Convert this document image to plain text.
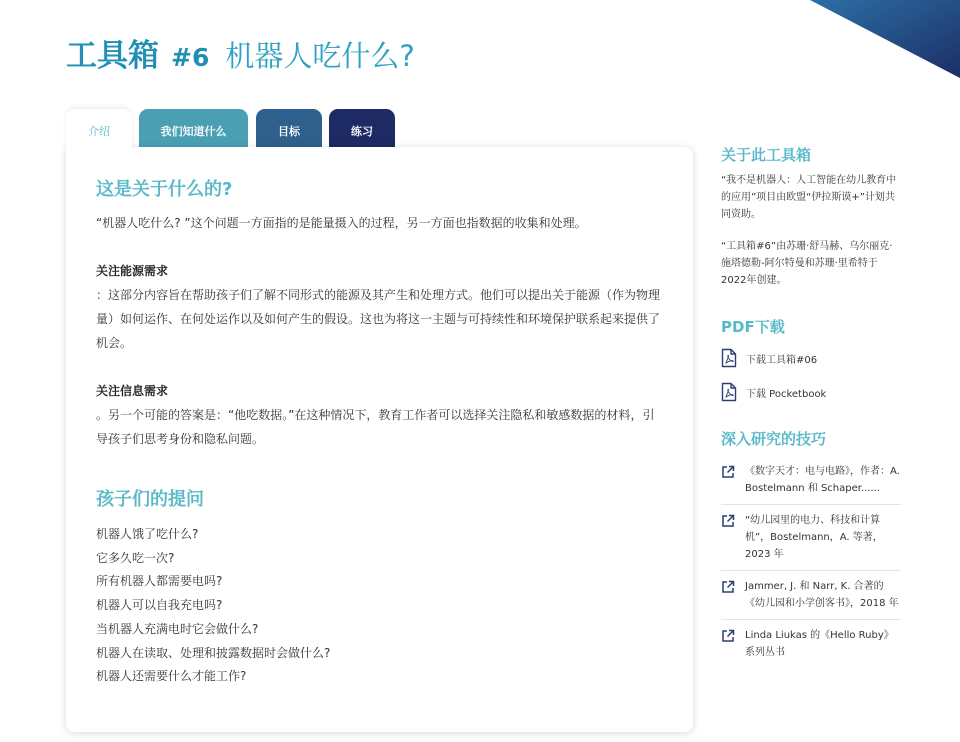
工具箱 #6 机器人吃什么?
介绍	我们知道什么	目标	练习
这是关于什么的?

“机器人吃什么? ”这个问题一方面指的是能量摄入的过程，另一方面也指数据的收集和处理。

关注能源需求

：这部分内容旨在帮助孩子们了解不同形式的能源及其产生和处理方式。他们可以提出关于能源（作为物理量）如何运作、在何处运作以及如何产生的假设。这也为将这一主题与可持续性和环境保护联系起来提供了机会。

关注信息需求

。另一个可能的答案是：“他吃数据。”在这种情况下，教育工作者可以选择关注隐私和敏感数据的材料，引导孩子们思考身份和隐私问题。

孩子们的提问
机器人饿了吃什么?
它多久吃一次?
所有机器人都需要电吗?
机器人可以自我充电吗?
当机器人充满电时它会做什么?
机器人在读取、处理和披露数据时会做什么?
机器人还需要什么才能工作?
关于此工具箱

“我不是机器人：人工智能在幼儿教育中的应用”项目由欧盟“伊拉斯谟+”计划共同资助。

“工具箱#6”由苏珊·舒马赫、乌尔丽克·施塔德勒-阿尔特曼和苏珊·里希特于2022年创建。

PDF下载
下载工具箱#06
下载 Pocketbook
深入研究的技巧
《数字天才：电与电路》，作者：A. Bostelmann 和 Schaper......
“幼儿园里的电力、科技和计算机”，Bostelmann，A. 等著，2023 年
Jammer, J. 和 Narr, K. 合著的《幼儿园和小学创客书》，2018 年
Linda Liukas 的《Hello Ruby》系列丛书
